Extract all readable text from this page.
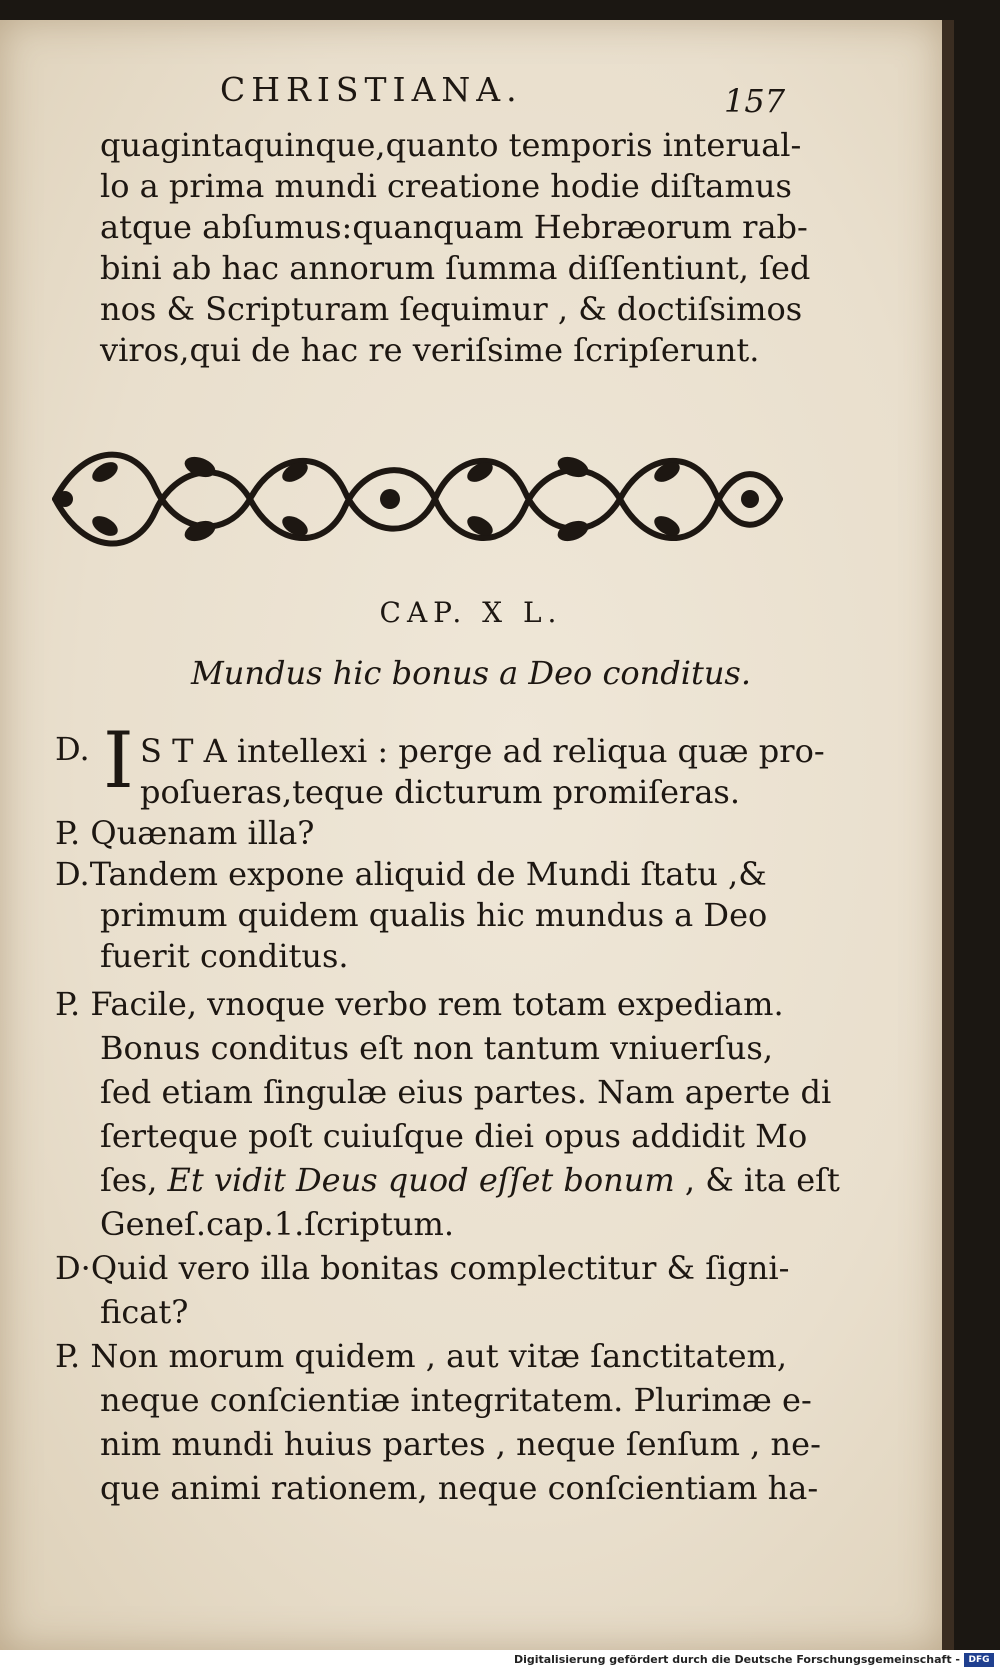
CHRISTIANA.	157
quagintaquinque,quanto temporis interual-
lo a prima mundi creatione hodie diſtamus
atque abſumus:quanquam Hebræorum rab-
bini ab hac annorum ſumma diſſentiunt, ſed
nos & Scripturam ſequimur , & doctiſsimos
viros,qui de hac re veriſsime ſcripſerunt.
CAP. X L.
Mundus hic bonus a Deo conditus.
D. I S T A intellexi : perge ad reliqua quæ pro-
poſueras,teque dicturum promiſeras.
P. Quænam illa?
D.Tandem expone aliquid de Mundi ſtatu ,&
primum quidem qualis hic mundus a Deo
fuerit conditus.
P. Facile, vnoque verbo rem totam expediam.
Bonus conditus eſt non tantum vniuerſus,
ſed etiam ſingulæ eius partes. Nam aperte di
ſerteque poſt cuiuſque diei opus addidit Mo
ſes, Et vidit Deus quod eſſet bonum , & ita eſt
Geneſ.cap.1.ſcriptum.
D·Quid vero illa bonitas complectitur & ſigni-
ficat?
P. Non morum quidem , aut vitæ ſanctitatem,
neque conſcientiæ integritatem. Plurimæ e-
nim mundi huius partes , neque ſenſum , ne-
que animi rationem, neque conſcientiam ha-
Digitalisierung gefördert durch die Deutsche Forschungsgemeinschaft - DFG
